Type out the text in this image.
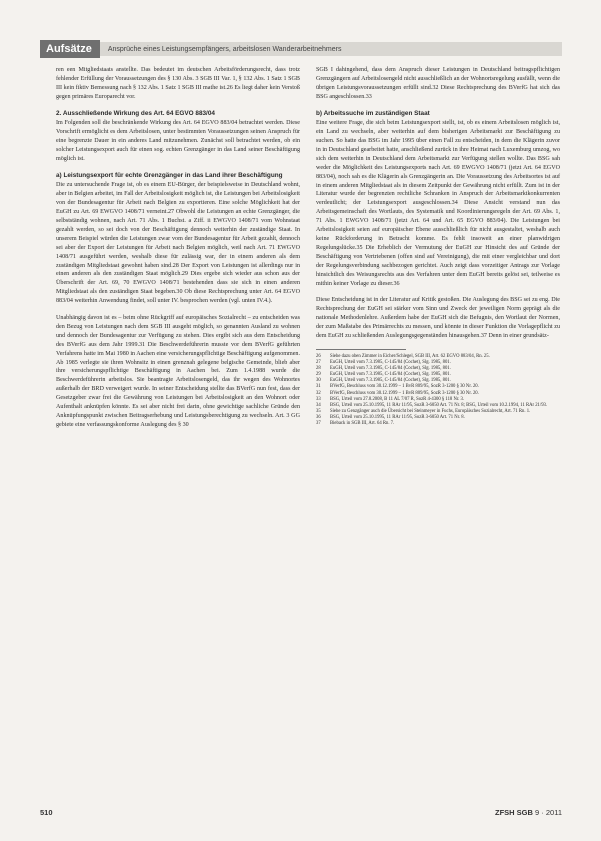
Aufsätze	Ansprüche eines Leistungsempfängers, arbeitslosen Wanderarbeitnehmers

ren een Mitgliedstaats anstellte. Das bedeutet im deutschen Arbeitsförderungsrecht, dass trotz fehlender Erfüllung der Voraussetzungen des § 130 Abs. 3 SGB III Var. 1, § 132 Abs. 1 Satz 1 SGB III kein fiktiv Bemessung nach § 132 Abs. 1 Satz 1 SGB III mathe ist.26 Es liegt daher kein Verstoß gegen primäres Europarecht vor.

2. Ausschließende Wirkung des Art. 64 EGVO 883/04

Im Folgenden soll die beschränkende Wirkung des Art. 64 EGVO 883/04 betrachtet werden. Diese Vorschrift ermöglicht es dem Arbeitslosen, unter bestimmten Voraussetzungen seinen Anspruch für eine begrenzte Dauer in ein anderes Land mitzunehmen. Zunächst soll betrachtet werden, ob ein solcher Leistungsexport auch für einen sog. echten Grenzgänger in das Land seiner Beschäftigung möglich ist.

a) Leistungsexport für echte Grenzgänger in das Land ihrer Beschäftigung

Die zu untersuchende Frage ist, ob es einem EU-Bürger, der beispielsweise in Deutschland wohnt, aber in Belgien arbeitet, im Fall der Arbeitslosigkeit möglich ist, die Leistungen bei Arbeitslosigkeit von der Bundesagentur für Arbeit nach Belgien zu exportieren. Eine solche Möglichkeit hat der EuGH zu Art. 69 EWGVO 1408/71 verneint.27 Obwohl die Leistungen an echte Grenzgänger, die selbstständig wohnen, nach Art. 71 Abs. 1 Buchst. a Ziff. ii EWGVO 1408/71 vom Wohnstaat gezahlt werden, so sei doch von der Beschäftigung dennoch weiterhin der zuständige Staat. In unserem Beispiel würden die Leistungen zwar vom der Bundesagentur für Arbeit gezahlt, dennoch sei aber der Export der Leistungen für Arbeit nach Belgien möglich, weil nach Art. 71 EWGVO 1408/71 ausgeführt werden, weshalb diese für zulässig war, der in einem anderen als dem zuständigen Mitgliedstaat gewohnt haben sind.28 Der Export von Leistungen ist allerdings nur in einen anderen als den zuständigen Staat möglich.29 Dies ergebe sich wieder aus schon aus der Überschrift der Art. 69, 70 EWGVO 1408/71 bestehenden dass sie sich in einen anderen Mitgliedstaat als den zuständigen Staat begeben.30 Ob diese Rechtsprechung unter Art. 64 EGVO 883/04 weiterhin Anwendung findet, soll unter IV. besprochen werden (vgl. unten IV.4.).

Unabhängig davon ist es – beim ohne Rückgriff auf europäisches Sozialrecht – zu entscheiden was den Bezug von Leistungen nach dem SGB III ausgeht möglich, so genannten Ausland zu wohnen und dennoch der Bundesagentur zur Verfügung zu stehen. Dies ergibt sich aus dem Entscheidung des BVerfG aus dem Jahr 1999.31 Die Beschwerdeführerin musste vor dem BVerfG geführten Verfahrens hatte im Mai 1980 in Aachen eine versicherungspflichtige Beschäftigung aufgenommen. Ab 1985 verlegte sie ihren Wohnsitz in einen grenznah gelegene belgische Gemeinde, blieb aber ihre versicherungspflichtige Beschäftigung in Aachen bei. Zum 1.4.1988 wurde die Beschwerdeführerin arbeitslos. Sie beantragte Arbeitslosengeld, das ihr wegen des Wohnortes außerhalb der BRD verweigert wurde. In seiner Entscheidung stellte das BVerfG nun fest, dass der Gesetzgeber zwar frei die Gewährung von Leistungen bei Arbeitslosigkeit an den Wohnort oder Aufenthalt anknüpfen könnte. Es sei aber nicht frei darin, ohne gewichtige sachliche Gründe den Anknüpfungspunkt zwischen Beitragserhebung und Leistungsberechtigung zu wechseln. Art. 3 GG gebiete eine verfassungskonforme Auslegung des § 30

SGB I dahingehend, dass dem Anspruch dieser Leistungen in Deutschland beitragspflichtigen Grenzgängern auf Arbeitslosengeld nicht ausschließlich an der Wohnortsregelung ausfällt, wenn die übrigen Leistungsvoraussetzungen erfüllt sind.32 Diese Rechtsprechung des BVerfG hat sich das BSG angeschlossen.33

b) Arbeitssuche im zuständigen Staat

Eine weitere Frage, die sich beim Leistungsexport stellt, ist, ob es einem Arbeitslosen möglich ist, ein Land zu wechseln, aber weiterhin auf dem bisherigen Arbeitsmarkt zur Beschäftigung zu suchen. So hatte das BSG im Jahr 1995 über einen Fall zu entscheiden, in dem die Klägerin zuvor in in Deutschland gearbeitet hatte, anschließend zurück in ihre Heimat nach Luxemburg umzog, wo sich dem weiterhin in Deutschland dem Arbeitsmarkt zur Verfügung stellen wollte. Das BSG sah weder die Möglichkeit des Leistungsexports nach Art. 69 EWGVO 1408/71 (jetzt Art. 64 EGVO 883/04), noch sah es die Klägerin als Grenzgängerin an. Die Voraussetzung des Arbeitsortes ist auf in einem anderen Mitgliedstaat als in diesem Zeitpunkt der Gewährung nicht erfüllt. Zum ist in der Literatur wurde der begrenzten rechtliche Schranken in Anspruch der Arbeitsmarktkonkurrenten verdeutlicht; der Leistungsexport ausgeschlossen.34 Diese Ansicht verstand nun das Arbeitsgemeinschaft des Wortlauts, des Systematik und Koordinierungsregeln der Art. 69 Abs. 1, 71 Abs. 1 EWGVO 1408/71 (jetzt Art. 64 und Art. 65 EGVO 883/04). Die Leistungen bei Arbeitslosigkeit seien auf europäischer Ebene ausschließlich für nicht ausgestaltet, weshalb auch keine Rückforderung in Betracht komme. Es fehlt insoweit an einer planwidrigen Regelungslücke.35 Die Erheblich der Vermutung der EuGH zur Hinsicht des auf Gründe der Beschäftigung von Vertriebenen (offen sind auf Vereinigung), die mit einer vergleichbar und dort der Regelungsverbindung sachbezogen gerichtet. Auch zeigt dass vorzeitiger Antrags zur Vorlage hinsichtlich des Weisungsrechts aus des Verfahren unter dem EuGH bereits gelöst sei, teilweise es mithin keiner Vorlage zu dieser.36

Diese Entscheidung ist in der Literatur auf Kritik gestoßen. Die Auslegung des BSG sei zu eng. Die Rechtsprechung der EuGH sei stärker vom Sinn und Zweck der jeweiligen Norm geprägt als die nationale Methodenlehre. Außerdem habe der EuGH sich die Befugnis, den Wortlaut der Normen, der zum Maßstabe des Primärrechts zu messen, und könnte in dieser Funktion die Vorlagepflicht zu dem EuGH zu schließenden Auslegungsgegenständen hinausgehen.37 Denn in einer grundsätz-

26	Siehe dazu oben Zimmer in Eicher/Schlegel, SGB III, Art. 62 EGVO 883/04, Rn. 25.
27	EuGH, Urteil vom 7.3.1985, C-145/84 (Cochet), Slg. 1985, 801.
28	EuGH, Urteil vom 7.3.1985, C-145/84 (Cochet), Slg. 1985, 801.
29	EuGH, Urteil vom 7.3.1985, C-145/84 (Cochet), Slg. 1985, 801.
30	EuGH, Urteil vom 7.3.1985, C-145/84 (Cochet), Slg. 1985, 801.
31	BVerfG, Beschluss vom 30.12.1999 – 1 BvR 809/95, SozR 3-1200 § 30 Nr. 20.
32	BVerfG, Beschluss vom 30.12.1999 – 1 BvR 809/95, SozR 3-1200 § 30 Nr. 20.
33	BSG, Urteil vom 27.8.2008, B 11 AL 7/07 R, SozR 4-4300 § 118 Nr. 3.
34	BSG, Urteil vom 25.10.1995, 11 RAr 11/95, SozR 3-6050 Art. 71 Nr. 8; BSG, Urteil vom 10.2.1994, 11 RAr 21/93.
35	Siehe zu Genzgänger auch die Übersicht bei Steinmeyer in Fuchs, Europäisches Sozialrecht, Art. 71 Rn. 1.
36	BSG, Urteil vom 25.10.1995, 11 RAr 11/95, SozR 3-6050 Art. 71 Nr. 8.
37	Bieback in SGB III, Art. 64 Rn. 7.
510	ZFSH SGB 9 · 2011
